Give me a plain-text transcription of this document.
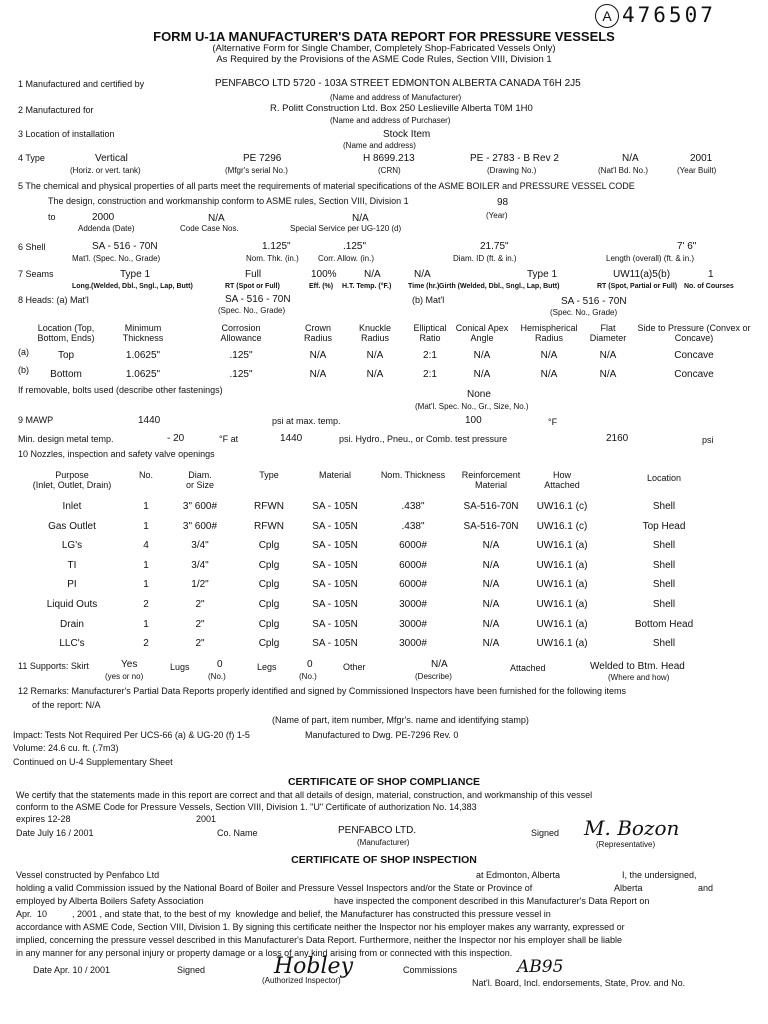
A 476507
FORM U-1A MANUFACTURER'S DATA REPORT FOR PRESSURE VESSELS
(Alternative Form for Single Chamber, Completely Shop-Fabricated Vessels Only)
As Required by the Provisions of the ASME Code Rules, Section VIII, Division 1
1 Manufactured and certified by	PENFABCO LTD 5720 - 103A STREET EDMONTON ALBERTA CANADA T6H 2J5
(Name and address of Manufacturer)
2 Manufactured for	R. Politt Construction Ltd. Box 250 Leslieville Alberta T0M 1H0
(Name and address of Purchaser)
3 Location of installation	Stock Item
(Name and address)
4 Type	Vertical
(Horiz. or vert. tank)
PE 7296
(Mfgr's serial No.)
H 8699.213
(CRN)
PE - 2783 - B Rev 2
(Drawing No.)
N/A
(Nat'l Bd. No.)
2001
(Year Built)
5 The chemical and physical properties of all parts meet the requirements of material specifications of the ASME BOILER and PRESSURE VESSEL CODE
The design, construction and workmanship conform to ASME rules, Section VIII, Division 1	98
(Year)
to	2000
Addenda (Date)
N/A
Code Case Nos.
N/A
Special Service per UG-120 (d)
6 Shell	SA - 516 - 70N
Mat'l. (Spec. No., Grade)
1.125"
Nom. Thk. (in.)
.125"
Corr. Allow. (in.)
21.75"
Diam. ID (ft. & in.)
7' 6"
Length (overall) (ft. & in.)
7 Seams	Type 1
Long.(Welded, Dbl., Sngl., Lap, Butt)
Full
RT (Spot or Full)
100%
Eff. (%)
N/A
H.T. Temp. (°F.)
N/A
Time (hr.)
Type 1
Girth (Welded, Dbl., Sngl., Lap, Butt)
UW11(a)5(b)
RT (Spot, Partial or Full)
1
No. of Courses
8 Heads: (a) Mat'l	SA - 516 - 70N
(Spec. No., Grade)
(b) Mat'l	SA - 516 - 70N
(Spec. No., Grade)
Location (Top, Bottom, Ends)
Minimum Thickness
Corrosion Allowance
Crown Radius
Knuckle Radius
Elliptical Ratio
Conical Apex Angle
Hemispherical Radius
Flat Diameter
Side to Pressure (Convex or Concave)
(a)	Top	1.0625"	.125"	N/A	N/A	2:1	N/A	N/A	N/A	Concave
(b)	Bottom	1.0625"	.125"	N/A	N/A	2:1	N/A	N/A	N/A	Concave
If removable, bolts used (describe other fastenings)	None
(Mat'l. Spec. No., Gr., Size, No.)
9 MAWP	1440	psi at max. temp.	100	°F
Min. design metal temp.	- 20	°F at	1440	psi. Hydro., Pneu., or Comb. test pressure	2160	psi
10 Nozzles, inspection and safety valve openings
Purpose
(Inlet, Outlet, Drain)
No.	Diam.
or Size
Type	Material	Nom. Thickness	Reinforcement
Material
How
Attached
Location
Inlet	1	3" 600#	RFWN	SA - 105N	.438"	SA-516-70N	UW16.1 (c)	Shell
Gas Outlet	1	3" 600#	RFWN	SA - 105N	.438"	SA-516-70N	UW16.1 (c)	Top Head
LG's	4	3/4"	Cplg	SA - 105N	6000#	N/A	UW16.1 (a)	Shell
TI	1	3/4"	Cplg	SA - 105N	6000#	N/A	UW16.1 (a)	Shell
PI	1	1/2"	Cplg	SA - 105N	6000#	N/A	UW16.1 (a)	Shell
Liquid Outs	2	2"	Cplg	SA - 105N	3000#	N/A	UW16.1 (a)	Shell
Drain	1	2"	Cplg	SA - 105N	3000#	N/A	UW16.1 (a)	Bottom Head
LLC's	2	2"	Cplg	SA - 105N	3000#	N/A	UW16.1 (a)	Shell
11 Supports: Skirt	Yes
(yes or no)
Lugs	0
(No.)
Legs	0
(No.)
Other	N/A
(Describe)
Attached	Welded to Btm. Head
(Where and how)
12 Remarks: Manufacturer's Partial Data Reports properly identified and signed by Commissioned Inspectors have been furnished for the following items
of the report: N/A
(Name of part, item number, Mfgr's. name and identifying stamp)
Impact: Tests Not Required Per UCS-66 (a) & UG-20 (f) 1-5	Manufactured to Dwg. PE-7296 Rev. 0
Volume: 24.6 cu. ft. (.7m3)
Continued on U-4 Supplementary Sheet
CERTIFICATE OF SHOP COMPLIANCE
We certify that the statements made in this report are correct and that all details of design, material, construction, and workmanship of this vessel
conform to the ASME Code for Pressure Vessels, Section VIII, Division 1. "U" Certificate of authorization No. 14,383
expires 12-28	2001
Date July 16 / 2001	Co. Name	PENFABCO LTD.
(Manufacturer)
Signed M. Bozon
(Representative)
CERTIFICATE OF SHOP INSPECTION
Vessel constructed by Penfabco Ltd	at Edmonton, Alberta	I, the undersigned,
holding a valid Commission issued by the National Board of Boiler and Pressure Vessel Inspectors and/or the State or Province of	Alberta	and
employed by Alberta Boilers Safety Association	have inspected the component described in this Manufacturer's Data Report on
Apr.  10          , 2001 , and state that, to the best of my  knowledge and belief, the Manufacturer has constructed this pressure vessel in
accordance with ASME Code, Section VIII, Division 1. By signing this certificate neither the Inspector nor his employer makes any warranty, expressed or
implied, concerning the pressure vessel described in this Manufacturer's Data Report. Furthermore, neither the Inspector nor his employer shall be liable
in any manner for any personal injury or property damage or a loss of any kind arising from or connected with this inspection.
Date Apr. 10 / 2001	Signed	Hobley
(Authorized Inspector)
Commissions	AB95
Nat'l. Board, Incl. endorsements, State, Prov. and No.
